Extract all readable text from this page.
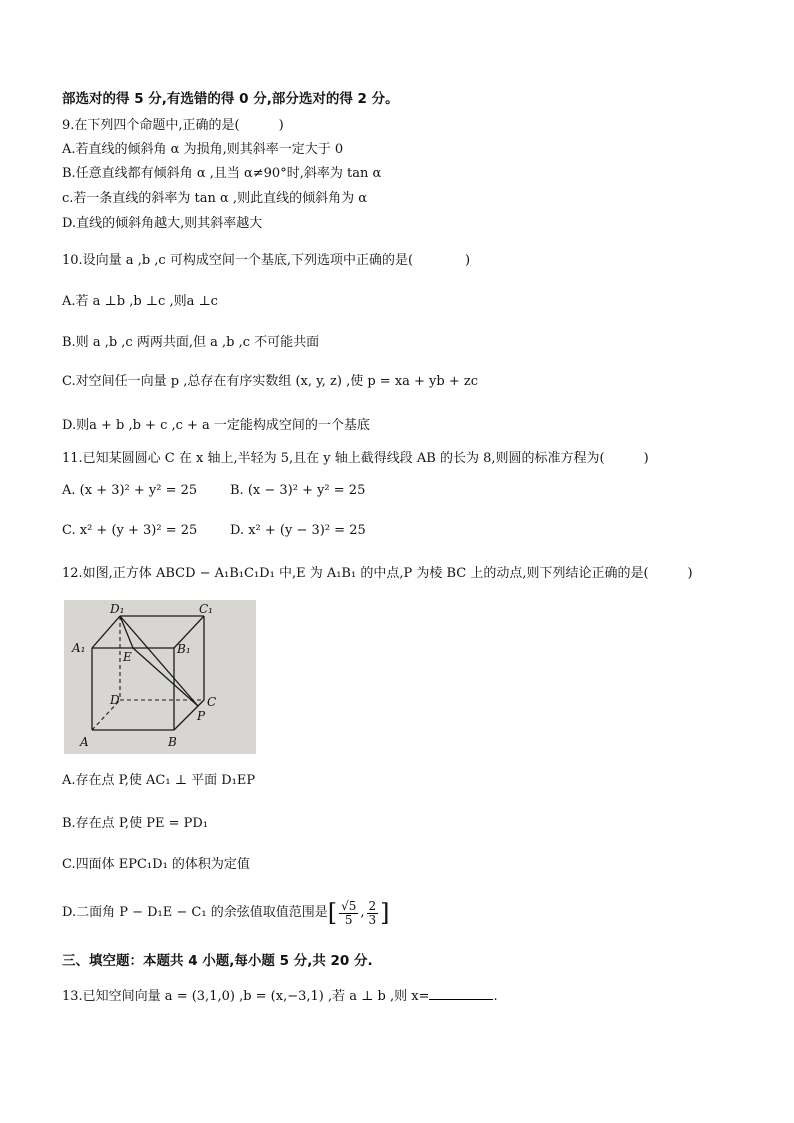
部选对的得 5 分,有选错的得 0 分,部分选对的得 2 分。
9.在下列四个命题中,正确的是(　　　)
A.若直线的倾斜角 α 为损角,则其斜率一定大于 0
B.任意直线都有倾斜角 α ,且当 α≠90°时,斜率为 tan α
c.若一条直线的斜率为 tan α ,则此直线的倾斜角为 α
D.直线的倾斜角越大,则其斜率越大
10.设向量 a ,b ,c 可构成空间一个基底,下列选项中正确的是(　　　　)
A.若 a ⊥b ,b ⊥c ,则a ⊥c
B.则 a ,b ,c 两两共面,但 a ,b ,c 不可能共面
C.对空间任一向量 p ,总存在有序实数组 (x, y, z) ,使 p = xa + yb + zc
D.则a + b ,b + c ,c + a 一定能构成空间的一个基底
11.已知某圆圆心 C 在 x 轴上,半轻为 5,且在 y 轴上截得线段 AB 的长为 8,则圆的标准方程为(　　　)
A. (x + 3)² + y² = 25	B. (x − 3)² + y² = 25
C. x² + (y + 3)² = 25	D. x² + (y − 3)² = 25
12.如图,正方体 ABCD − A₁B₁C₁D₁ 中,E 为 A₁B₁ 的中点,P 为棱 BC 上的动点,则下列结论正确的是(　　　)
D₁	C₁
A₁	B₁
E
D	C
P
A	B
A.存在点 P,使 AC₁ ⊥ 平面 D₁EP
B.存在点 P,使 PE = PD₁
C.四面体 EPC₁D₁ 的体积为定值
D.二面角 P − D₁E − C₁ 的余弦值取值范围是 [ $\frac{√5}{5}$ , $\frac{2}{3}$ ]
三、填空题：本题共 4 小题,每小题 5 分,共 20 分.
13.已知空间向量 a = (3,1,0) ,b = (x,−3,1) ,若 a ⊥ b ,则 x=	.
